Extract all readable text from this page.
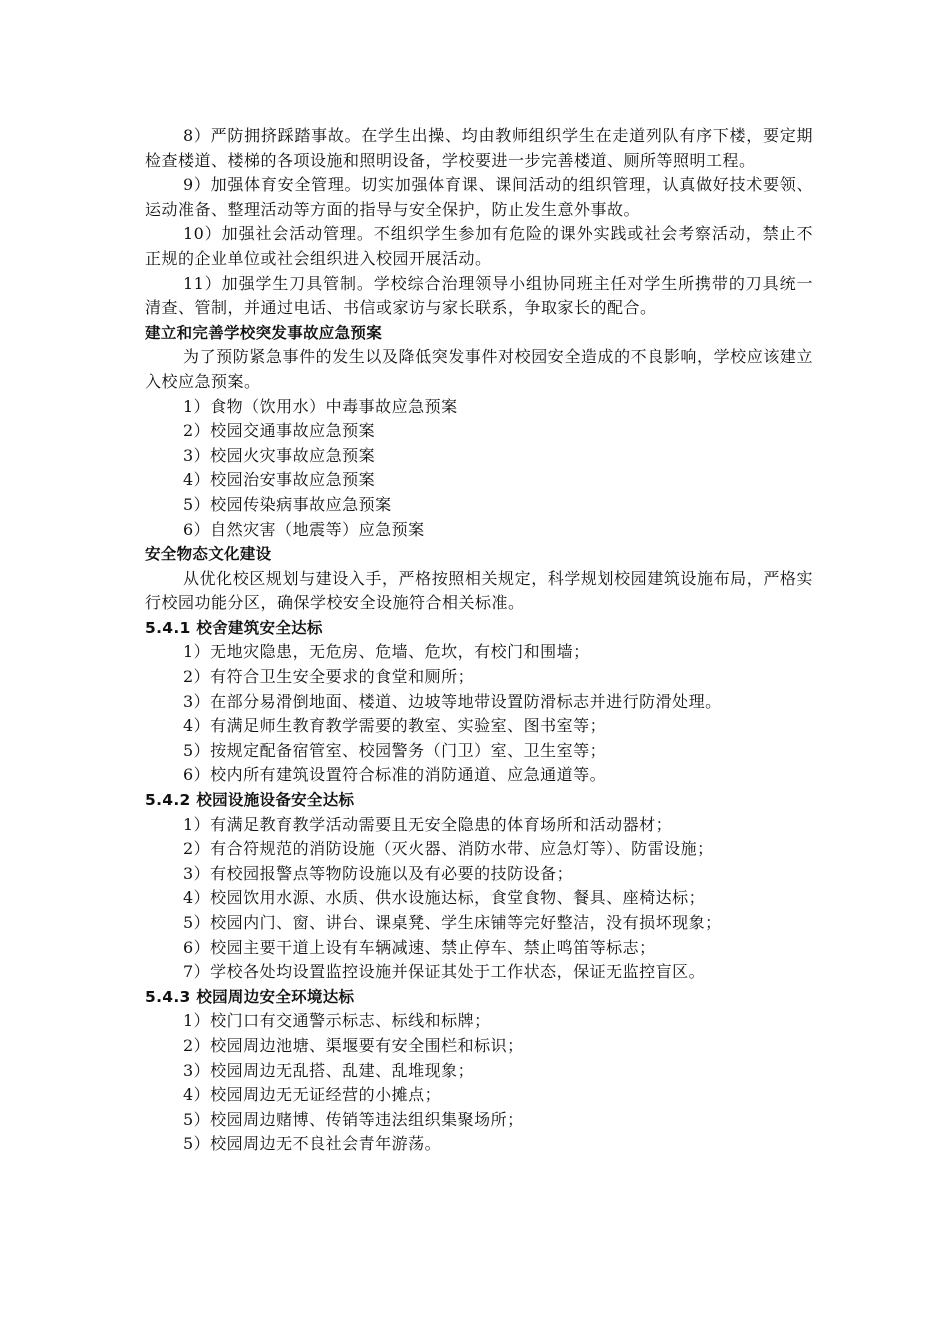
8）严防拥挤踩踏事故。在学生出操、均由教师组织学生在走道列队有序下楼，要定期检查楼道、楼梯的各项设施和照明设备，学校要进一步完善楼道、厕所等照明工程。

9）加强体育安全管理。切实加强体育课、课间活动的组织管理，认真做好技术要领、运动准备、整理活动等方面的指导与安全保护，防止发生意外事故。

10）加强社会活动管理。不组织学生参加有危险的课外实践或社会考察活动，禁止不正规的企业单位或社会组织进入校园开展活动。

11）加强学生刀具管制。学校综合治理领导小组协同班主任对学生所携带的刀具统一清查、管制，并通过电话、书信或家访与家长联系，争取家长的配合。

建立和完善学校突发事故应急预案

为了预防紧急事件的发生以及降低突发事件对校园安全造成的不良影响，学校应该建立入校应急预案。

1）食物（饮用水）中毒事故应急预案

2）校园交通事故应急预案

3）校园火灾事故应急预案

4）校园治安事故应急预案

5）校园传染病事故应急预案

6）自然灾害（地震等）应急预案

安全物态文化建设

从优化校区规划与建设入手，严格按照相关规定，科学规划校园建筑设施布局，严格实行校园功能分区，确保学校安全设施符合相关标准。

5.4.1 校舍建筑安全达标

1）无地灾隐患，无危房、危墙、危坎，有校门和围墙；

2）有符合卫生安全要求的食堂和厕所；

3）在部分易滑倒地面、楼道、边坡等地带设置防滑标志并进行防滑处理。

4）有满足师生教育教学需要的教室、实验室、图书室等；

5）按规定配备宿管室、校园警务（门卫）室、卫生室等；

6）校内所有建筑设置符合标准的消防通道、应急通道等。

5.4.2 校园设施设备安全达标

1）有满足教育教学活动需要且无安全隐患的体育场所和活动器材；

2）有合符规范的消防设施（灭火器、消防水带、应急灯等）、防雷设施；

3）有校园报警点等物防设施以及有必要的技防设备；

4）校园饮用水源、水质、供水设施达标，食堂食物、餐具、座椅达标；

5）校园内门、窗、讲台、课桌凳、学生床铺等完好整洁，没有损坏现象；

6）校园主要干道上设有车辆减速、禁止停车、禁止鸣笛等标志；

7）学校各处均设置监控设施并保证其处于工作状态，保证无监控盲区。

5.4.3 校园周边安全环境达标

1）校门口有交通警示标志、标线和标牌；

2）校园周边池塘、渠堰要有安全围栏和标识；

3）校园周边无乱搭、乱建、乱堆现象；

4）校园周边无无证经营的小摊点；

5）校园周边赌博、传销等违法组织集聚场所；

5）校园周边无不良社会青年游荡。
